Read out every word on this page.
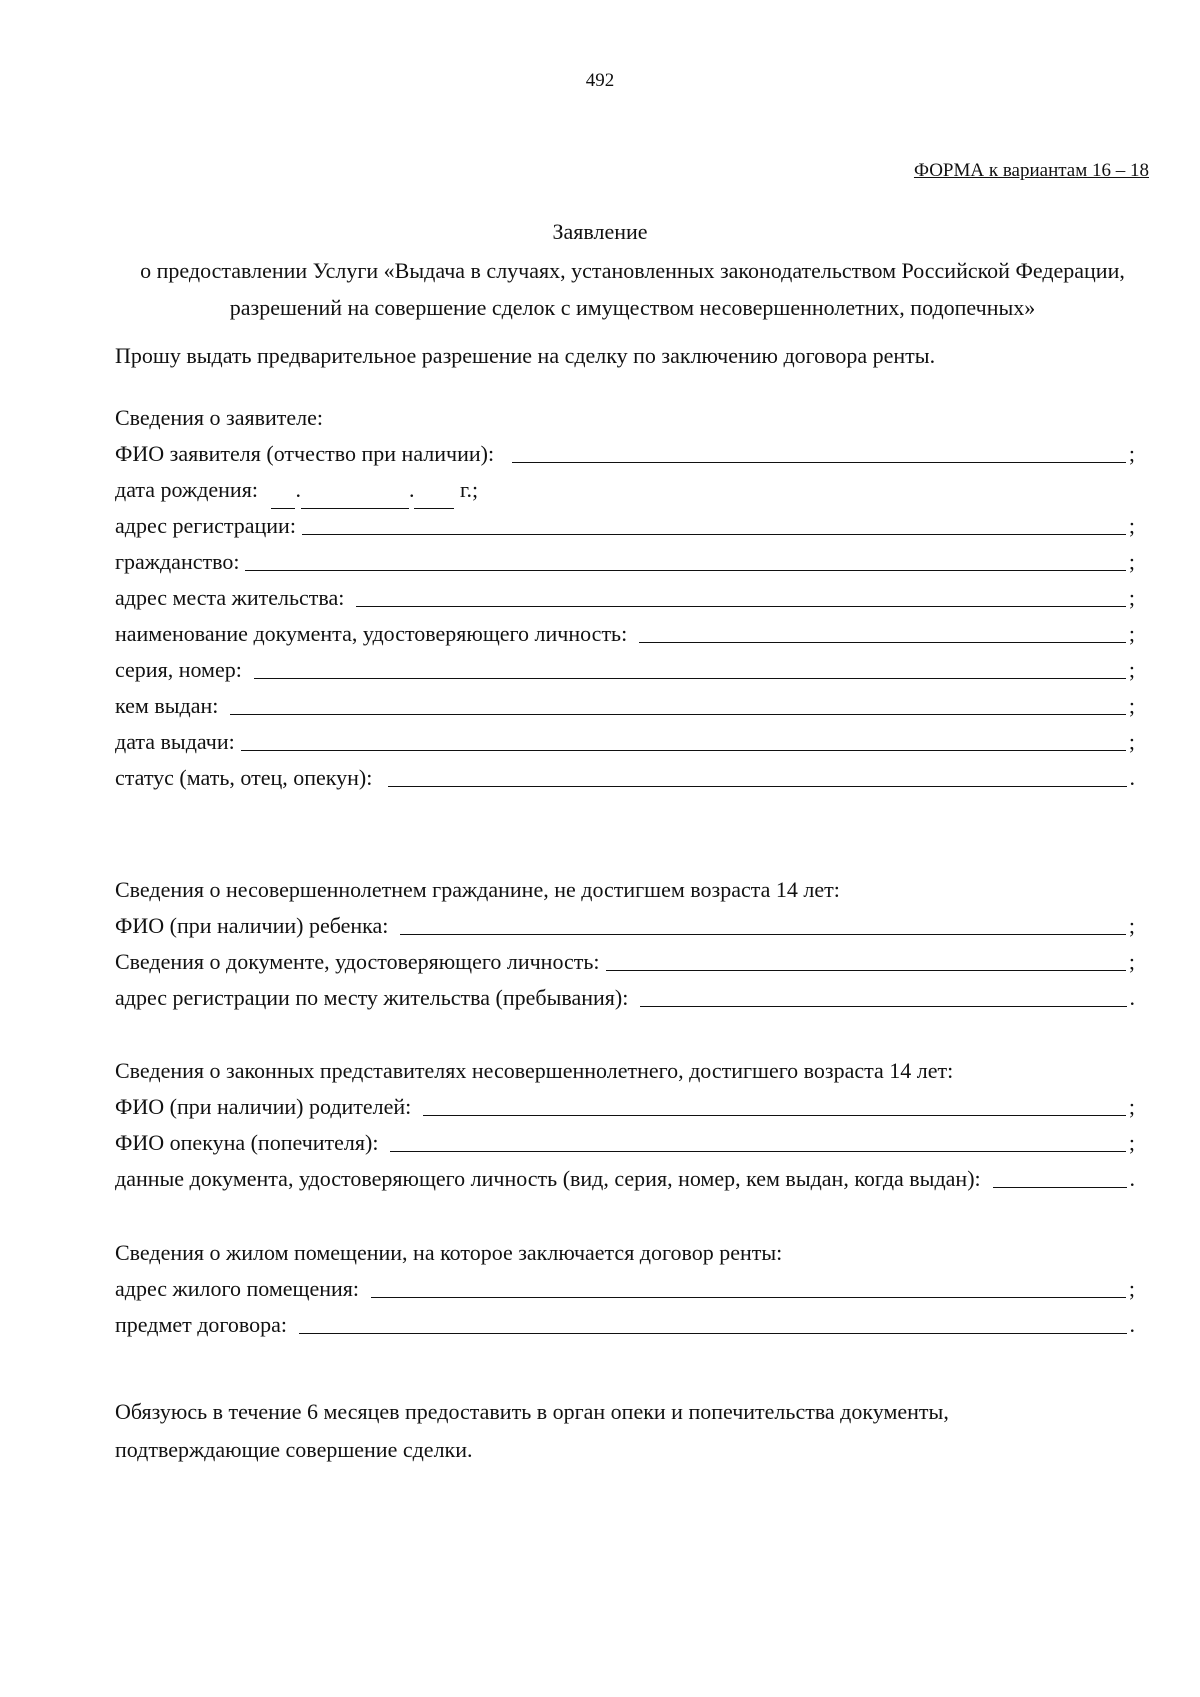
492
ФОРМА к вариантам 16 – 18
Заявление
о предоставлении Услуги «Выдача в случаях, установленных законодательством Российской Федерации, разрешений на совершение сделок с имуществом несовершеннолетних, подопечных»
Прошу выдать предварительное разрешение на сделку по заключению договора ренты.
Сведения о заявителе:
ФИО заявителя (отчество при наличии):	;
дата рождения: .	. г.;
адрес регистрации:	;
гражданство:	;
адрес места жительства:	;
наименование документа, удостоверяющего личность:	;
серия, номер:	;
кем выдан:	;
дата выдачи:	;
статус (мать, отец, опекун):	.
Сведения о несовершеннолетнем гражданине, не достигшем возраста 14 лет:
ФИО (при наличии) ребенка:	;
Сведения о документе, удостоверяющего личность:	;
адрес регистрации по месту жительства (пребывания):	.
Сведения о законных представителях несовершеннолетнего, достигшего возраста 14 лет:
ФИО (при наличии) родителей:	;
ФИО опекуна (попечителя):	;
данные документа, удостоверяющего личность (вид, серия, номер, кем выдан, когда выдан):	.
Сведения о жилом помещении, на которое заключается договор ренты:
адрес жилого помещения:	;
предмет договора:	.
Обязуюсь в течение 6 месяцев предоставить в орган опеки и попечительства документы, подтверждающие совершение сделки.
